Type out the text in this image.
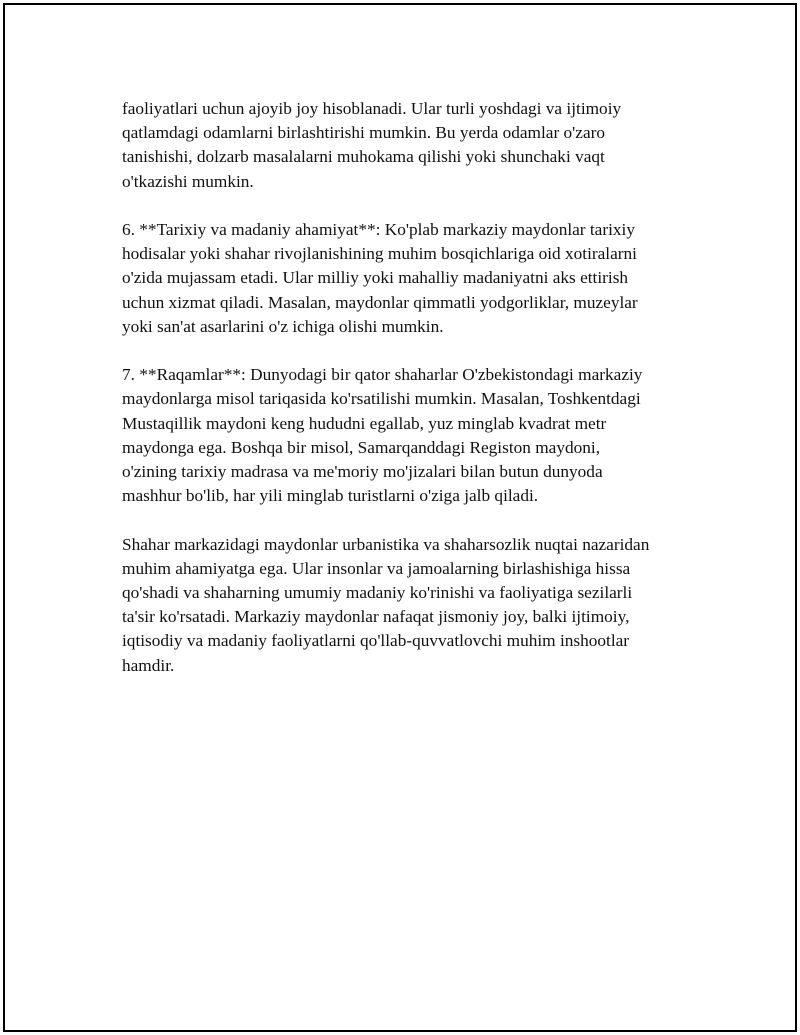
faoliyatlari uchun ajoyib joy hisoblanadi. Ular turli yoshdagi va ijtimoiy
qatlamdagi odamlarni birlashtirishi mumkin. Bu yerda odamlar o'zaro
tanishishi, dolzarb masalalarni muhokama qilishi yoki shunchaki vaqt
o'tkazishi mumkin.

6. **Tarixiy va madaniy ahamiyat**: Ko'plab markaziy maydonlar tarixiy
hodisalar yoki shahar rivojlanishining muhim bosqichlariga oid xotiralarni
o'zida mujassam etadi. Ular milliy yoki mahalliy madaniyatni aks ettirish
uchun xizmat qiladi. Masalan, maydonlar qimmatli yodgorliklar, muzeylar
yoki san'at asarlarini o'z ichiga olishi mumkin.

7. **Raqamlar**: Dunyodagi bir qator shaharlar O'zbekistondagi markaziy
maydonlarga misol tariqasida ko'rsatilishi mumkin. Masalan, Toshkentdagi
Mustaqillik maydoni keng hududni egallab, yuz minglab kvadrat metr
maydonga ega. Boshqa bir misol, Samarqanddagi Registon maydoni,
o'zining tarixiy madrasa va me'moriy mo'jizalari bilan butun dunyoda
mashhur bo'lib, har yili minglab turistlarni o'ziga jalb qiladi.

Shahar markazidagi maydonlar urbanistika va shaharsozlik nuqtai nazaridan
muhim ahamiyatga ega. Ular insonlar va jamoalarning birlashishiga hissa
qo'shadi va shaharning umumiy madaniy ko'rinishi va faoliyatiga sezilarli
ta'sir ko'rsatadi. Markaziy maydonlar nafaqat jismoniy joy, balki ijtimoiy,
iqtisodiy va madaniy faoliyatlarni qo'llab-quvvatlovchi muhim inshootlar
hamdir.
